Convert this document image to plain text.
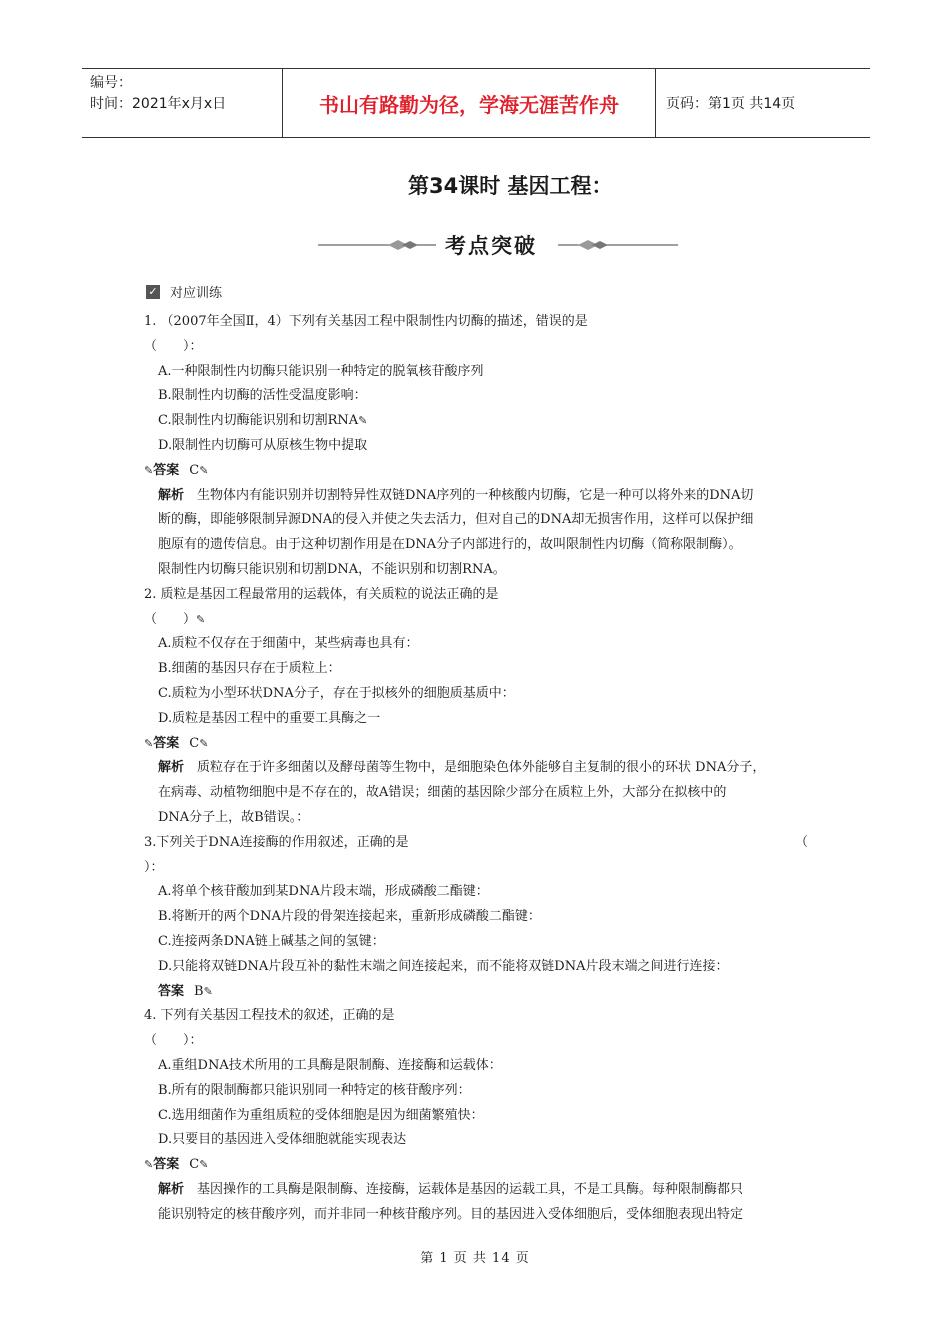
编号：
时间：2021年x月x日	书山有路勤为径，学海无涯苦作舟	页码：第1页 共14页
第34课时 基因工程：
考点突破
✓ 对应训练
1. （2007年全国Ⅱ，4）下列有关基因工程中限制性内切酶的描述，错误的是
（　　）：
A.一种限制性内切酶只能识别一种特定的脱氧核苷酸序列
B.限制性内切酶的活性受温度影响：
C.限制性内切酶能识别和切割RNA✎
D.限制性内切酶可从原核生物中提取
✎答案 C✎
解析　 生物体内有能识别并切割特异性双链DNA序列的一种核酸内切酶，它是一种可以将外来的DNA切
断的酶，即能够限制异源DNA的侵入并使之失去活力，但对自己的DNA却无损害作用，这样可以保护细
胞原有的遗传信息。由于这种切割作用是在DNA分子内部进行的，故叫限制性内切酶（简称限制酶）。
限制性内切酶只能识别和切割DNA，不能识别和切割RNA。
2. 质粒是基因工程最常用的运载体，有关质粒的说法正确的是
（　　）✎
A.质粒不仅存在于细菌中，某些病毒也具有：
B.细菌的基因只存在于质粒上：
C.质粒为小型环状DNA分子，存在于拟核外的细胞质基质中：
D.质粒是基因工程中的重要工具酶之一
✎答案 C✎
解析　 质粒存在于许多细菌以及酵母菌等生物中，是细胞染色体外能够自主复制的很小的环状 DNA分子，
在病毒、动植物细胞中是不存在的，故A错误；细菌的基因除少部分在质粒上外，大部分在拟核中的
DNA分子上，故B错误。：
3.下列关于DNA连接酶的作用叙述，正确的是	（
）：
A.将单个核苷酸加到某DNA片段末端，形成磷酸二酯键：
B.将断开的两个DNA片段的骨架连接起来，重新形成磷酸二酯键：
C.连接两条DNA链上碱基之间的氢键：
D.只能将双链DNA片段互补的黏性末端之间连接起来，而不能将双链DNA片段末端之间进行连接：
答案 B✎
4. 下列有关基因工程技术的叙述，正确的是
（　　）：
A.重组DNA技术所用的工具酶是限制酶、连接酶和运载体：
B.所有的限制酶都只能识别同一种特定的核苷酸序列：
C.选用细菌作为重组质粒的受体细胞是因为细菌繁殖快：
D.只要目的基因进入受体细胞就能实现表达
✎答案 C✎
解析　 基因操作的工具酶是限制酶、连接酶，运载体是基因的运载工具，不是工具酶。每种限制酶都只
能识别特定的核苷酸序列，而并非同一种核苷酸序列。目的基因进入受体细胞后，受体细胞表现出特定
第 1 页 共 14 页
